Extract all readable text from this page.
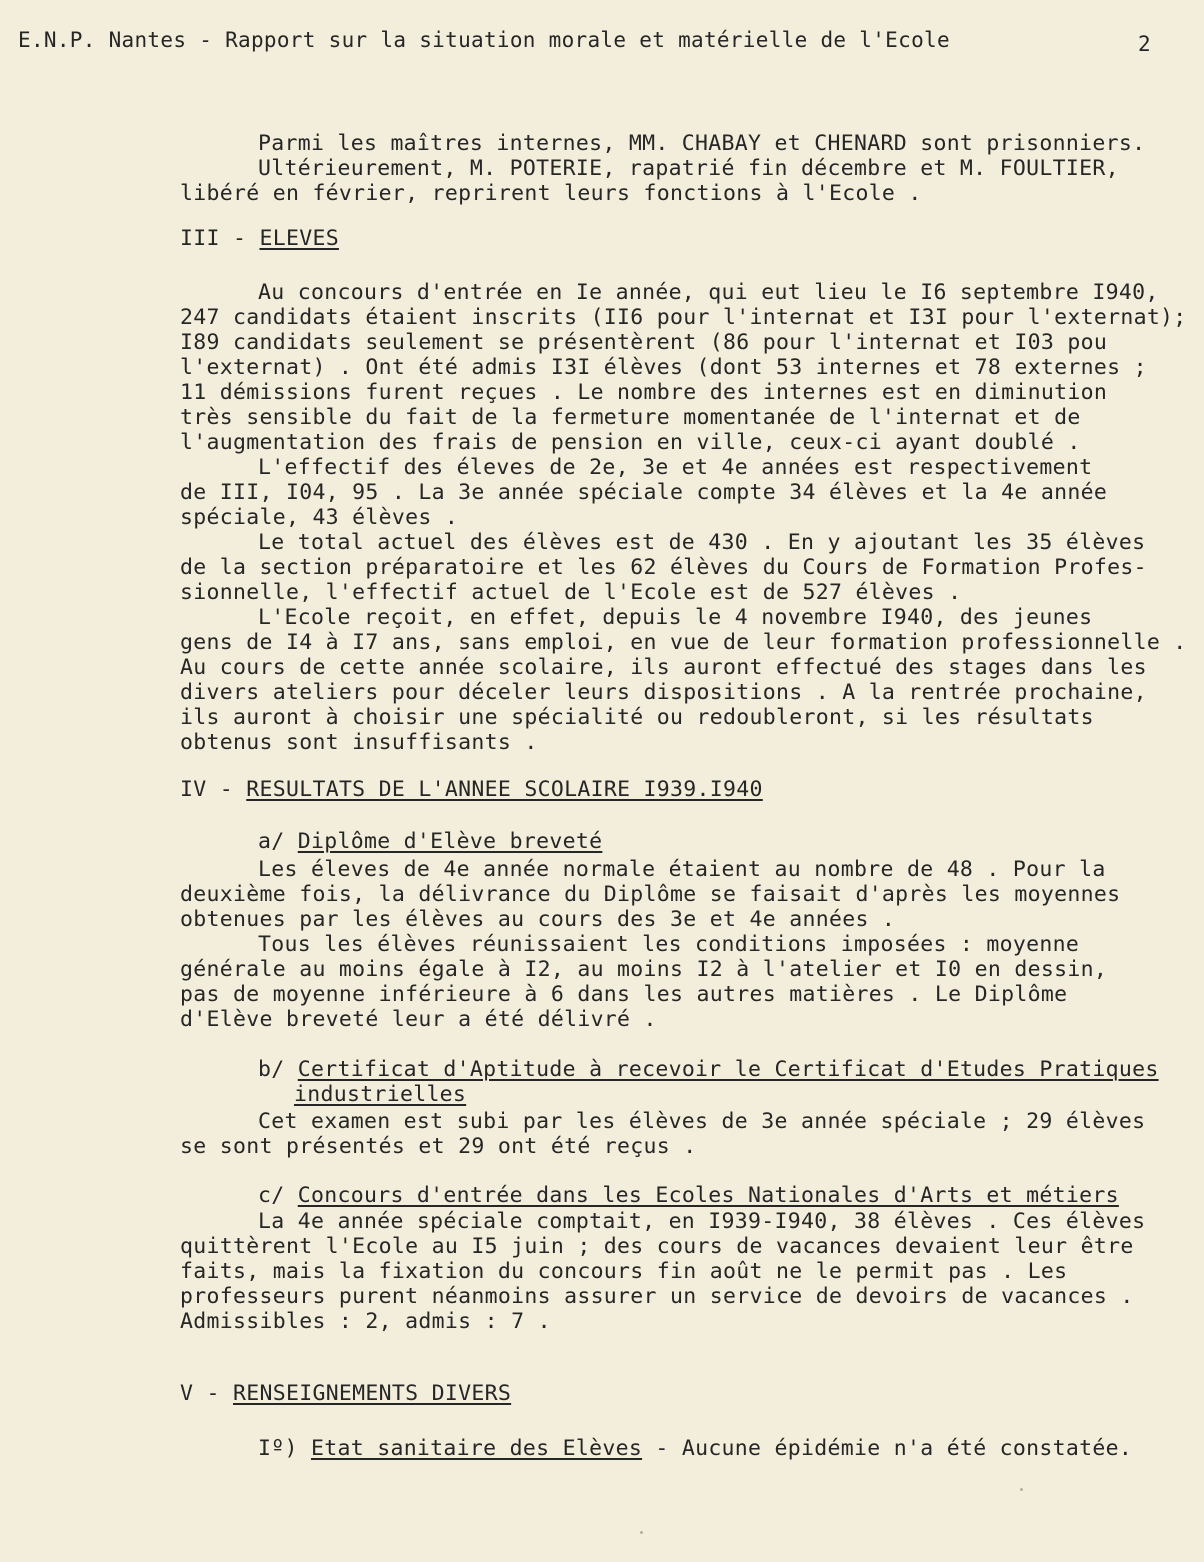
E.N.P. Nantes - Rapport sur la situation morale et matérielle de l'Ecole	2
Parmi les maîtres internes, MM. CHABAY et CHENARD sont prisonniers.
Ultérieurement, M. POTERIE, rapatrié fin décembre et M. FOULTIER,
libéré en février, reprirent leurs fonctions à l'Ecole .
III - ELEVES
Au concours d'entrée en Ie année, qui eut lieu le I6 septembre I940,
247 candidats étaient inscrits (II6 pour l'internat et I3I pour l'externat);
I89 candidats seulement se présentèrent (86 pour l'internat et I03 pou
l'externat) . Ont été admis I3I élèves (dont 53 internes et 78 externes ;
11 démissions furent reçues . Le nombre des internes est en diminution
très sensible du fait de la fermeture momentanée de l'internat et de
l'augmentation des frais de pension en ville, ceux-ci ayant doublé .
L'effectif des éleves de 2e, 3e et 4e années est respectivement
de III, I04, 95 . La 3e année spéciale compte 34 élèves et la 4e année
spéciale, 43 élèves .
Le total actuel des élèves est de 430 . En y ajoutant les 35 élèves
de la section préparatoire et les 62 élèves du Cours de Formation Profes-
sionnelle, l'effectif actuel de l'Ecole est de 527 élèves .
L'Ecole reçoit, en effet, depuis le 4 novembre I940, des jeunes
gens de I4 à I7 ans, sans emploi, en vue de leur formation professionnelle .
Au cours de cette année scolaire, ils auront effectué des stages dans les
divers ateliers pour déceler leurs dispositions . A la rentrée prochaine,
ils auront à choisir une spécialité ou redoubleront, si les résultats
obtenus sont insuffisants .
IV - RESULTATS DE L'ANNEE SCOLAIRE I939.I940
a/ Diplôme d'Elève breveté
Les éleves de 4e année normale étaient au nombre de 48 . Pour la
deuxième fois, la délivrance du Diplôme se faisait d'après les moyennes
obtenues par les élèves au cours des 3e et 4e années .
Tous les élèves réunissaient les conditions imposées : moyenne
générale au moins égale à I2, au moins I2 à l'atelier et I0 en dessin,
pas de moyenne inférieure à 6 dans les autres matières . Le Diplôme
d'Elève breveté leur a été délivré .
b/ Certificat d'Aptitude à recevoir le Certificat d'Etudes Pratiques
industrielles
Cet examen est subi par les élèves de 3e année spéciale ; 29 élèves
se sont présentés et 29 ont été reçus .
c/ Concours d'entrée dans les Ecoles Nationales d'Arts et métiers
La 4e année spéciale comptait, en I939-I940, 38 élèves . Ces élèves
quittèrent l'Ecole au I5 juin ; des cours de vacances devaient leur être
faits, mais la fixation du concours fin août ne le permit pas . Les
professeurs purent néanmoins assurer un service de devoirs de vacances .
Admissibles : 2, admis : 7 .
V - RENSEIGNEMENTS DIVERS
Iº) Etat sanitaire des Elèves - Aucune épidémie n'a été constatée.
